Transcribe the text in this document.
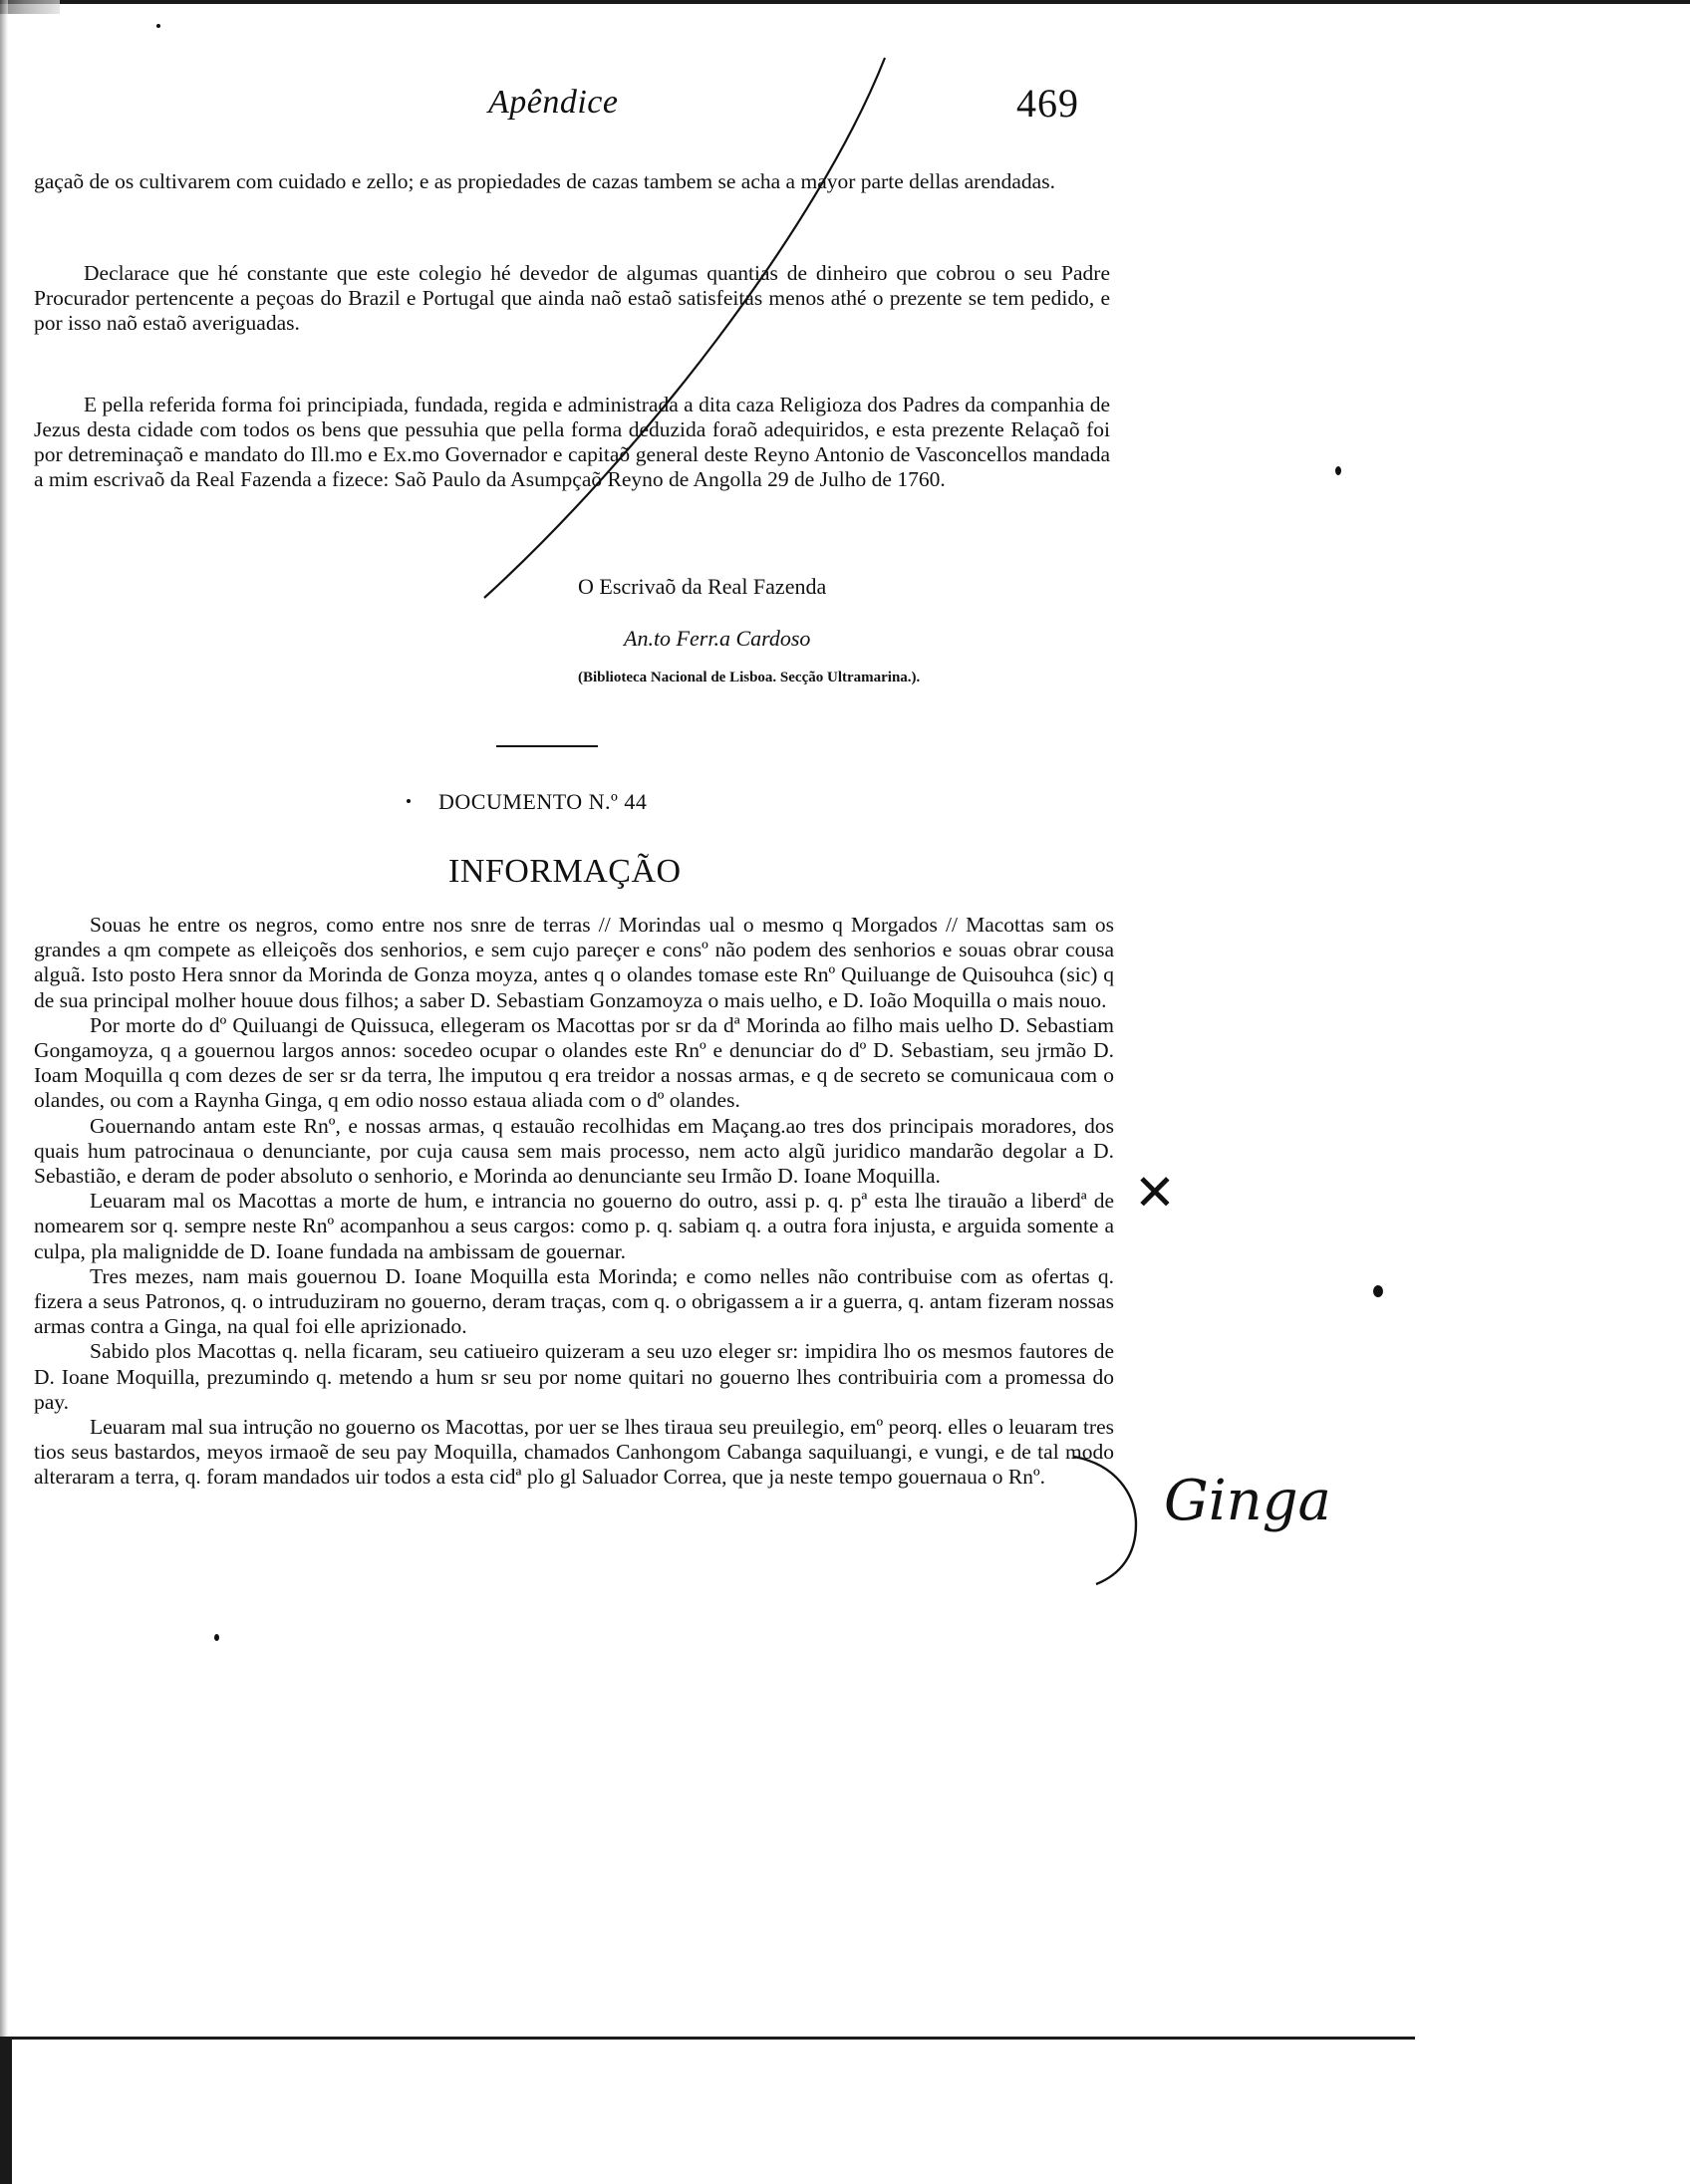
Apêndice	469
gaçaõ de os cultivarem com cuidado e zello; e as propiedades de cazas tambem se acha a mayor parte dellas arendadas.

Declarace que hé constante que este colegio hé devedor de algumas quantias de dinheiro que cobrou o seu Padre Procurador pertencente a peçoas do Brazil e Portugal que ainda naõ estaõ satisfeitas menos athé o prezente se tem pedido, e por isso naõ estaõ averiguadas.

E pella referida forma foi principiada, fundada, regida e administrada a dita caza Religioza dos Padres da companhia de Jezus desta cidade com todos os bens que pessuhia que pella forma deduzida foraõ adequiridos, e esta prezente Relaçaõ foi por detreminaçaõ e mandato do Ill.mo e Ex.mo Governador e capitaõ general deste Reyno Antonio de Vasconcellos mandada a mim escrivaõ da Real Fazenda a fizece: Saõ Paulo da Asumpçaõ Reyno de Angolla 29 de Julho de 1760.

O Escrivaõ da Real Fazenda
An.to Ferr.a Cardoso
(Biblioteca Nacional de Lisboa. Secção Ultramarina.).
DOCUMENTO N.º 44
INFORMAÇÃO

Souas he entre os negros, como entre nos snre de terras // Morindas ual o mesmo q Morgados // Macottas sam os grandes a qm compete as elleiçoẽs dos senhorios, e sem cujo pareçer e consº não podem des senhorios e souas obrar cousa alguã. Isto posto Hera snnor da Morinda de Gonza moyza, antes q o olandes tomase este Rnº Quiluange de Quisouhca (sic) q de sua principal molher houue dous filhos; a saber D. Sebastiam Gonzamoyza o mais uelho, e D. Ioão Moquilla o mais nouo.

Por morte do dº Quiluangi de Quissuca, ellegeram os Macottas por sr da dª Morinda ao filho mais uelho D. Sebastiam Gongamoyza, q a gouernou largos annos: socedeo ocupar o olandes este Rnº e denunciar do dº D. Sebastiam, seu jrmão D. Ioam Moquilla q com dezes de ser sr da terra, lhe imputou q era treidor a nossas armas, e q de secreto se comunicaua com o olandes, ou com a Raynha Ginga, q em odio nosso estaua aliada com o dº olandes.

Gouernando antam este Rnº, e nossas armas, q estauão recolhidas em Maçang.ao tres dos principais moradores, dos quais hum patrocinaua o denunciante, por cuja causa sem mais processo, nem acto algũ juridico mandarão degolar a D. Sebastião, e deram de poder absoluto o senhorio, e Morinda ao denunciante seu Irmão D. Ioane Moquilla.

Leuaram mal os Macottas a morte de hum, e intrancia no gouerno do outro, assi p. q. pª esta lhe tirauão a liberdª de nomearem sor q. sempre neste Rnº acompanhou a seus cargos: como p. q. sabiam q. a outra fora injusta, e arguida somente a culpa, pla malignidde de D. Ioane fundada na ambissam de gouernar.

Tres mezes, nam mais gouernou D. Ioane Moquilla esta Morinda; e como nelles não contribuise com as ofertas q. fizera a seus Patronos, q. o intruduziram no gouerno, deram traças, com q. o obrigassem a ir a guerra, q. antam fizeram nossas armas contra a Ginga, na qual foi elle aprizionado.

Sabido plos Macottas q. nella ficaram, seu catiueiro quizeram a seu uzo eleger sr: impidira lho os mesmos fautores de D. Ioane Moquilla, prezumindo q. metendo a hum sr seu por nome quitari no gouerno lhes contribuiria com a promessa do pay.

Leuaram mal sua intrução no gouerno os Macottas, por uer se lhes tiraua seu preuilegio, emº peorq. elles o leuaram tres tios seus bastardos, meyos irmaoẽ de seu pay Moquilla, chamados Canhongom Cabanga saquiluangi, e vungi, e de tal modo alteraram a terra, q. foram mandados uir todos a esta cidª plo gl Saluador Correa, que ja neste tempo gouernaua o Rnº.

✕
Ginga
